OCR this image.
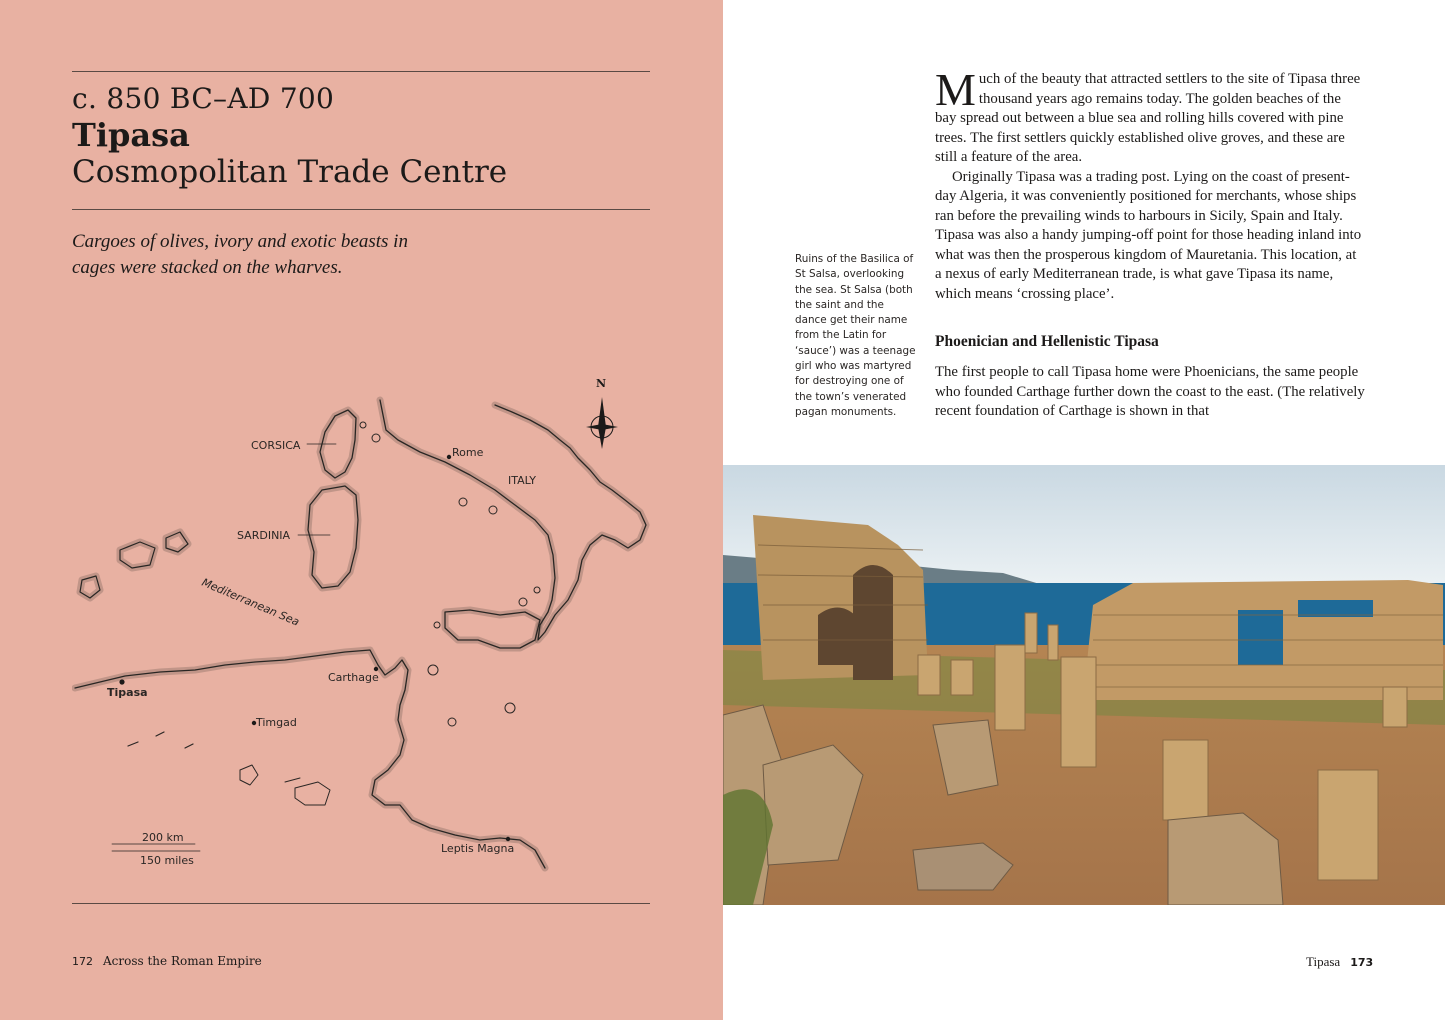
c. 850 BC–AD 700
Tipasa
Cosmopolitan Trade Centre
Cargoes of olives, ivory and exotic beasts in cages were stacked on the wharves.
N
CORSICA
SARDINIA
ITALY
Rome
Mediterranean Sea
Carthage
Tipasa
Timgad
Leptis Magna
200 km
150 miles
172 Across the Roman Empire
Ruins of the Basilica of St Salsa, overlooking the sea. St Salsa (both the saint and the dance get their name from the Latin for ‘sauce’) was a teenage girl who was martyred for destroying one of the town’s venerated pagan monuments.

Much of the beauty that attracted settlers to the site of Tipasa three thousand years ago remains today. The golden beaches of the bay spread out between a blue sea and rolling hills covered with pine trees. The first settlers quickly established olive groves, and these are still a feature of the area.

Originally Tipasa was a trading post. Lying on the coast of present-day Algeria, it was conveniently positioned for merchants, whose ships ran before the prevailing winds to harbours in Sicily, Spain and Italy. Tipasa was also a handy jumping-off point for those heading inland into what was then the prosperous kingdom of Mauretania. This location, at a nexus of early Mediterranean trade, is what gave Tipasa its name, which means ‘crossing place’.

Phoenician and Hellenistic Tipasa
The first people to call Tipasa home were Phoenicians, the same people who founded Carthage further down the coast to the east. (The relatively recent foundation of Carthage is shown in that
Tipasa 173
